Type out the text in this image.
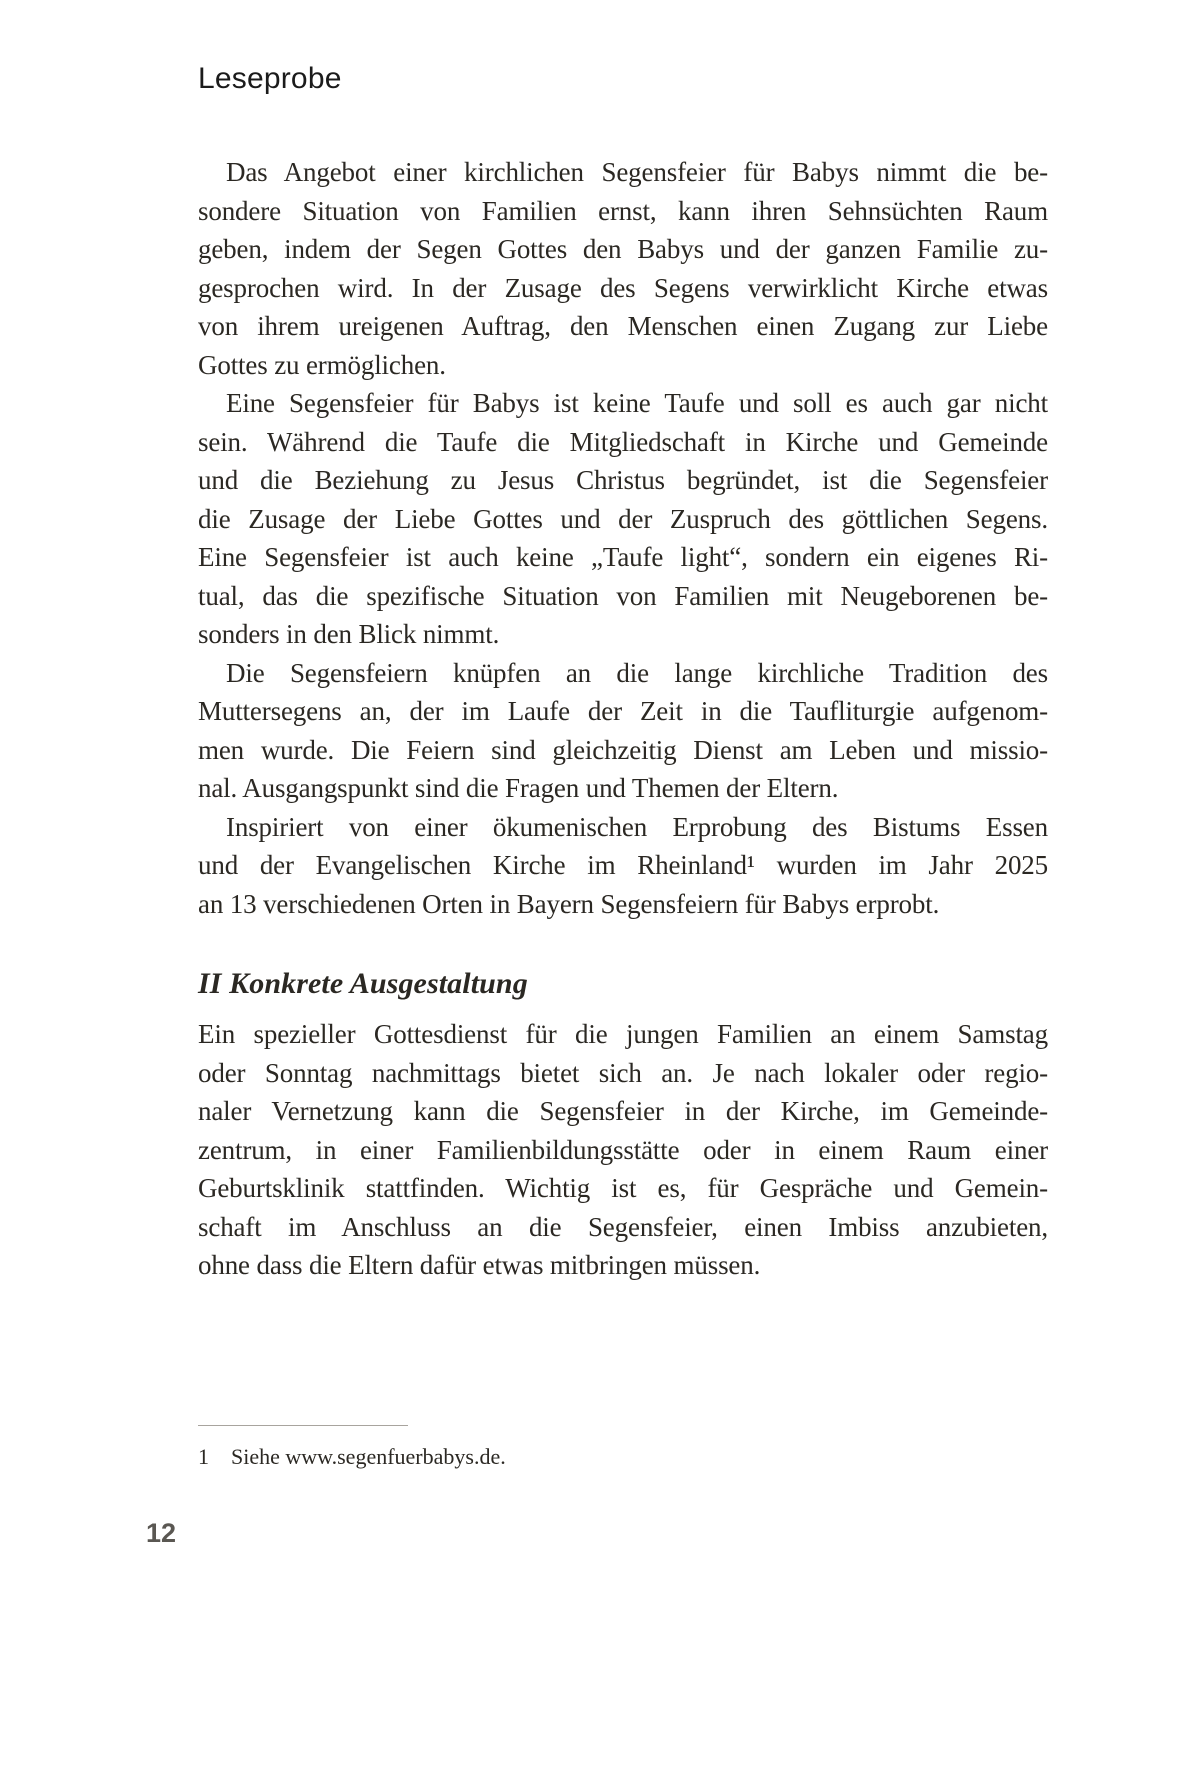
Leseprobe
Das Angebot einer kirchlichen Segensfeier für Babys nimmt die be-
sondere Situation von Familien ernst, kann ihren Sehnsüchten Raum
geben, indem der Segen Gottes den Babys und der ganzen Familie zu-
gesprochen wird. In der Zusage des Segens verwirklicht Kirche etwas
von ihrem ureigenen Auftrag, den Menschen einen Zugang zur Liebe
Gottes zu ermöglichen.
Eine Segensfeier für Babys ist keine Taufe und soll es auch gar nicht
sein. Während die Taufe die Mitgliedschaft in Kirche und Gemeinde
und die Beziehung zu Jesus Christus begründet, ist die Segensfeier
die Zusage der Liebe Gottes und der Zuspruch des göttlichen Segens.
Eine Segensfeier ist auch keine „Taufe light“, sondern ein eigenes Ri-
tual, das die spezifische Situation von Familien mit Neugeborenen be-
sonders in den Blick nimmt.
Die Segensfeiern knüpfen an die lange kirchliche Tradition des
Muttersegens an, der im Laufe der Zeit in die Taufliturgie aufgenom-
men wurde. Die Feiern sind gleichzeitig Dienst am Leben und missio-
nal. Ausgangspunkt sind die Fragen und Themen der Eltern.
Inspiriert von einer ökumenischen Erprobung des Bistums Essen
und der Evangelischen Kirche im Rheinland¹ wurden im Jahr 2025
an 13 verschiedenen Orten in Bayern Segensfeiern für Babys erprobt.
II Konkrete Ausgestaltung
Ein spezieller Gottesdienst für die jungen Familien an einem Samstag
oder Sonntag nachmittags bietet sich an. Je nach lokaler oder regio-
naler Vernetzung kann die Segensfeier in der Kirche, im Gemeinde-
zentrum, in einer Familienbildungsstätte oder in einem Raum einer
Geburtsklinik stattfinden. Wichtig ist es, für Gespräche und Gemein-
schaft im Anschluss an die Segensfeier, einen Imbiss anzubieten,
ohne dass die Eltern dafür etwas mitbringen müssen.
1 Siehe www.segenfuerbabys.de.
12
